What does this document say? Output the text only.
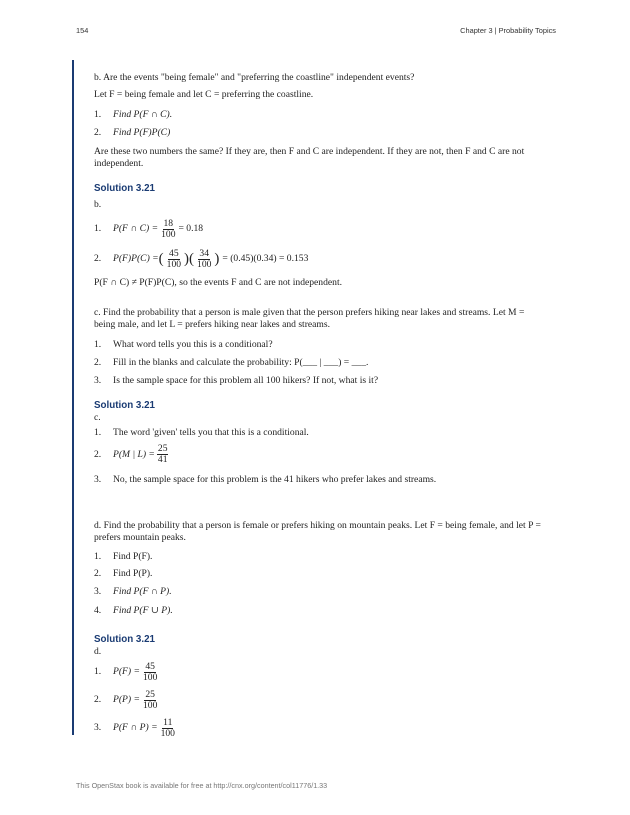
154	Chapter 3 | Probability Topics

b. Are the events "being female" and "preferring the coastline" independent events?

Let F = being female and let C = preferring the coastline.

1.	Find P(F ∩ C).
2.	Find P(F)P(C)

Are these two numbers the same? If they are, then F and C are independent. If they are not, then F and C are not independent.

Solution 3.21

b.

1.	P(F ∩ $C) = \frac{18}{100} = 0.18$
2.	P(F)P(C) = ( $\frac{45}{100}$ )( $\frac{34}{100}$ ) = (0.45)(0.34) = 0.153

P(F ∩ C) ≠ P(F)P(C), so the events F and C are not independent.

c. Find the probability that a person is male given that the person prefers hiking near lakes and streams. Let M = being male, and let L = prefers hiking near lakes and streams.

1.	What word tells you this is a conditional?
2.	Fill in the blanks and calculate the probability: P(___ | ___) = ___.
3.	Is the sample space for this problem all 100 hikers? If not, what is it?

Solution 3.21

c.

1.	The word 'given' tells you that this is a conditional.
2.	P(M | $L) = \frac{25}{41}$
3.	No, the sample space for this problem is the 41 hikers who prefer lakes and streams.

d. Find the probability that a person is female or prefers hiking on mountain peaks. Let F = being female, and let P = prefers mountain peaks.

1.	Find P(F).
2.	Find P(P).
3.	Find P(F ∩ P).
4.	Find P(F ∪ P).

Solution 3.21

d.

1.	$P(F) = \frac{45}{100}$
2.	$P(P) = \frac{25}{100}$
3.	P(F ∩ $P) = \frac{11}{100}$
This OpenStax book is available for free at http://cnx.org/content/col11776/1.33
